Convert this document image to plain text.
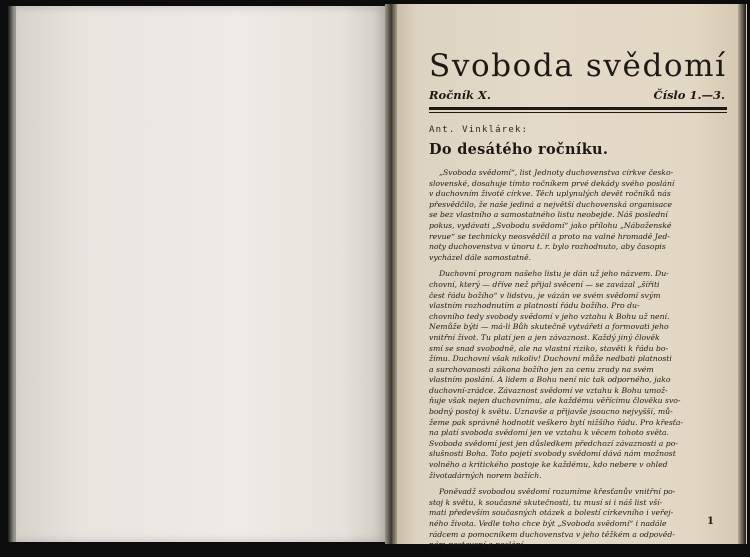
Svoboda svědomí
Ročník X.	Číslo 1.—3.
Ant. Vinklárek:
Do desátého ročníku.
„Svoboda svědomí“, list Jednoty duchovenstva církve česko-
slovenské, dosahuje tímto ročníkem prvé dekády svého poslání
v duchovním životě církve. Těch uplynulých devět ročníků nás
přesvědčilo, že naše jediná a největší duchovenská organisace
se bez vlastního a samostatného listu neobejde. Náš poslední
pokus, vydávati „Svobodu svědomí“ jako přílohu „Náboženské
revue“ se technicky neosvědčil a proto na valné hromadě Jed-
noty duchovenstva v únoru t. r. bylo rozhodnuto, aby časopis
vycházel dále samostatně.
Duchovní program našeho listu je dán už jeho názvem. Du-
chovní, který — dříve než přijal svěcení — se zavázal „šířiti
čest řádu božího“ v lidstvu, je vázán ve svém svědomí svým
vlastním rozhodnutím a platností řádu božího. Pro du-
chovního tedy svobody svědomí v jeho vztahu k Bohu už není.
Nemůže býti — má-li Bůh skutečně vytvářeti a formovati jeho
vnitřní život. Tu platí jen a jen závaznost. Každý jiný člověk
smí se snad svobodně, ale na vlastní riziko, stavěti k řádu bo-
žímu. Duchovní však nikoliv! Duchovní může nedbati platnosti
a surchovanosti zákona božího jen za cenu zrady na svém
vlastním poslání. A lidem a Bohu není nic tak odporného, jako
duchovní-zrádce. Závaznost svědomí ve vztahu k Bohu umož-
ňuje však nejen duchovnímu, ale každému věřícímu člověku svo-
bodný postoj k světu. Uznavše a přijavše jsoucno nejvyšší, mů-
žeme pak správně hodnotit veškero bytí nižšího řádu. Pro křesťa-
na platí svoboda svědomí jen ve vztahu k věcem tohoto světa.
Svoboda svědomí jest jen důsledkem předchozí závaznosti a po-
slušnosti Boha. Toto pojetí svobody svědomí dává nám možnost
volného a kritického postoje ke každému, kdo nebere v ohled
životadárných norem božích.
Poněvadž svobodou svědomí rozumíme křesťanův vnitřní po-
stoj k světu, k současné skutečnosti, tu musí si i náš list vší-
mati především současných otázek a bolestí církevního i veřej-
ného života. Vedle toho chce být „Svoboda svědomí“ i nadále
rádcem a pomocníkem duchovenstva v jeho těžkém a odpověd-
ném postavení a poslání.
1
